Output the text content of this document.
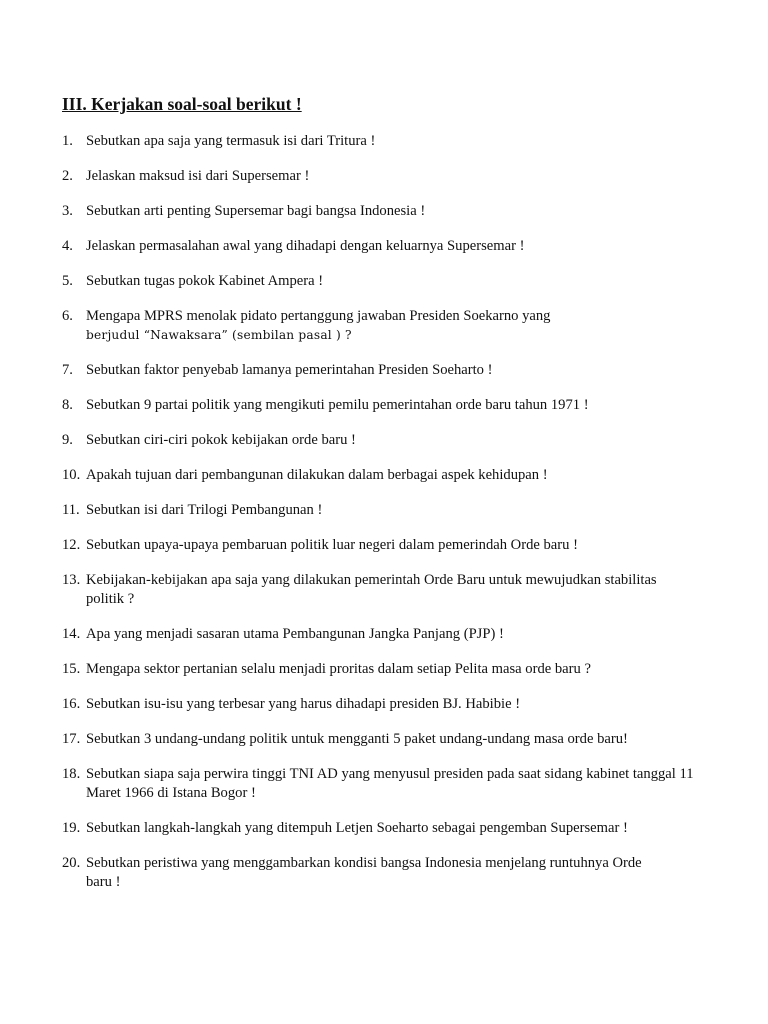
III. Kerjakan soal-soal berikut !
1. Sebutkan apa saja yang termasuk isi dari Tritura !
2. Jelaskan maksud isi dari Supersemar !
3. Sebutkan arti penting Supersemar bagi bangsa Indonesia !
4. Jelaskan permasalahan awal yang dihadapi dengan keluarnya Supersemar !
5. Sebutkan tugas pokok Kabinet Ampera !
6. Mengapa MPRS menolak pidato pertanggung jawaban Presiden Soekarno yang
berjudul “Nawaksara” (sembilan pasal ) ?
7. Sebutkan faktor penyebab lamanya pemerintahan Presiden Soeharto !
8. Sebutkan 9 partai politik yang mengikuti pemilu pemerintahan orde baru tahun 1971 !
9. Sebutkan ciri-ciri pokok kebijakan orde baru !
10. Apakah tujuan dari pembangunan dilakukan dalam berbagai aspek kehidupan !
11. Sebutkan isi dari Trilogi Pembangunan !
12. Sebutkan upaya-upaya pembaruan politik luar negeri dalam pemerindah Orde baru !
13. Kebijakan-kebijakan apa saja yang dilakukan pemerintah Orde Baru untuk mewujudkan stabilitas politik ?
14. Apa yang menjadi sasaran utama Pembangunan Jangka Panjang (PJP) !
15. Mengapa sektor pertanian selalu menjadi proritas dalam setiap Pelita masa orde baru ?
16. Sebutkan isu-isu yang terbesar yang harus dihadapi presiden BJ. Habibie !
17. Sebutkan 3 undang-undang politik untuk mengganti 5 paket undang-undang masa orde baru!
18. Sebutkan siapa saja perwira tinggi TNI AD yang menyusul presiden pada saat sidang kabinet tanggal 11 Maret 1966 di Istana Bogor !
19. Sebutkan langkah-langkah yang ditempuh Letjen Soeharto sebagai pengemban Supersemar !
20. Sebutkan peristiwa yang menggambarkan kondisi bangsa Indonesia menjelang runtuhnya Orde baru !
